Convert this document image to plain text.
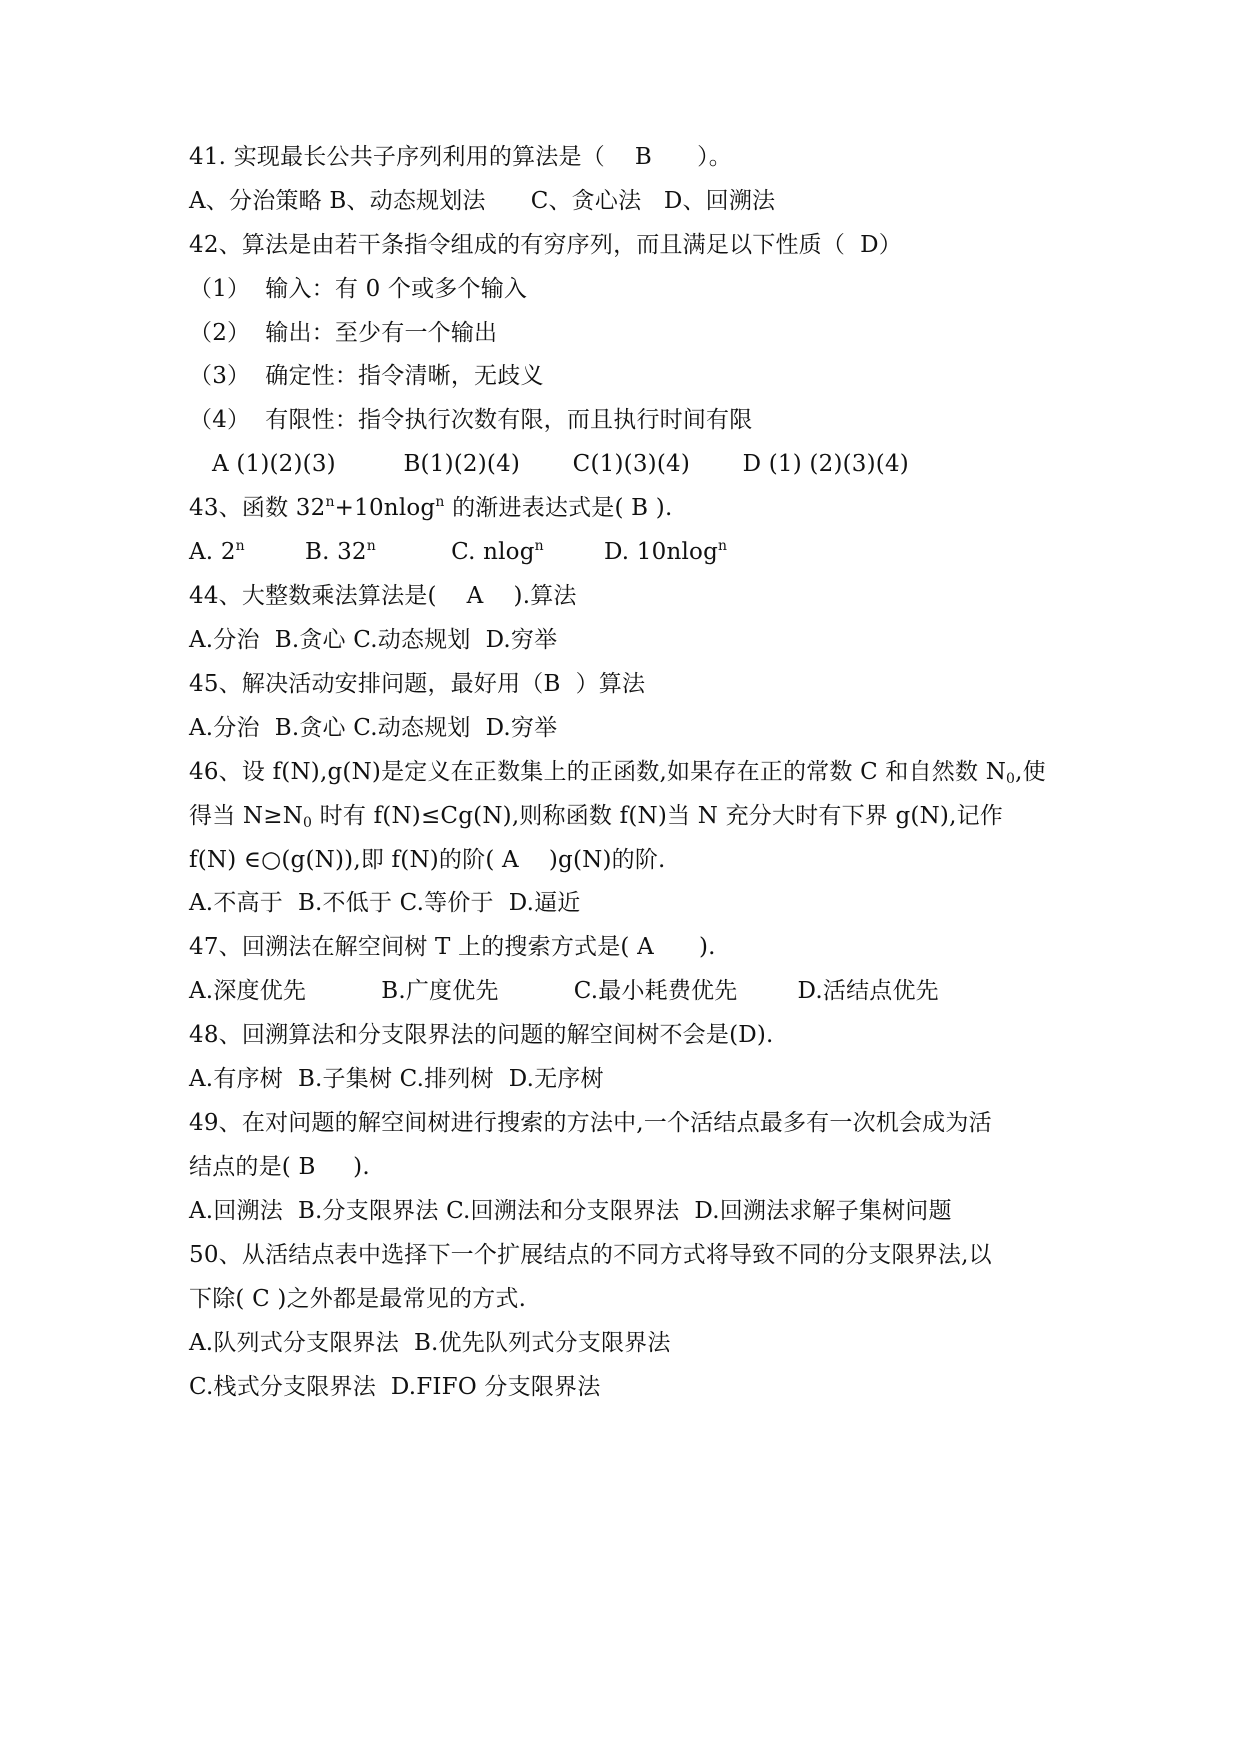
41. 实现最长公共子序列利用的算法是（    B      ）。
A、分治策略 B、动态规划法      C、贪心法   D、回溯法
42、算法是由若干条指令组成的有穷序列，而且满足以下性质（  D）
（1）  输入：有 0 个或多个输入
（2）  输出：至少有一个输出
（3）  确定性：指令清晰，无歧义
（4）  有限性：指令执行次数有限，而且执行时间有限
A (1)(2)(3)         B(1)(2)(4)       C(1)(3)(4)       D (1) (2)(3)(4)
43、函数 $32^n+10nlog^n$ 的渐进表达式是( B ).
A. 2$^n$        B. 32$^n$          C. nlog$^n$        D. 10nlog$^n$
44、大整数乘法算法是(    A    ).算法
A.分治  B.贪心 C.动态规划  D.穷举
45、解决活动安排问题，最好用（B  ）算法
A.分治  B.贪心 C.动态规划  D.穷举
46、设 f(N),g(N)是定义在正数集上的正函数,如果存在正的常数 C 和自然数 $N_0$,使
得当 $N\ge N_0$ 时有 f(N)≤Cg(N),则称函数 f(N)当 N 充分大时有下界 g(N),记作
f(N) ∈○(g(N)),即 f(N)的阶( A    )g(N)的阶.
A.不高于  B.不低于 C.等价于  D.逼近
47、回溯法在解空间树 T 上的搜索方式是( A      ).
A.深度优先          B.广度优先          C.最小耗费优先        D.活结点优先
48、回溯算法和分支限界法的问题的解空间树不会是(D).
A.有序树  B.子集树 C.排列树  D.无序树
49、在对问题的解空间树进行搜索的方法中,一个活结点最多有一次机会成为活
结点的是( B     ).
A.回溯法  B.分支限界法 C.回溯法和分支限界法  D.回溯法求解子集树问题
50、从活结点表中选择下一个扩展结点的不同方式将导致不同的分支限界法,以
下除( C )之外都是最常见的方式.
A.队列式分支限界法  B.优先队列式分支限界法
C.栈式分支限界法  D.FIFO 分支限界法
